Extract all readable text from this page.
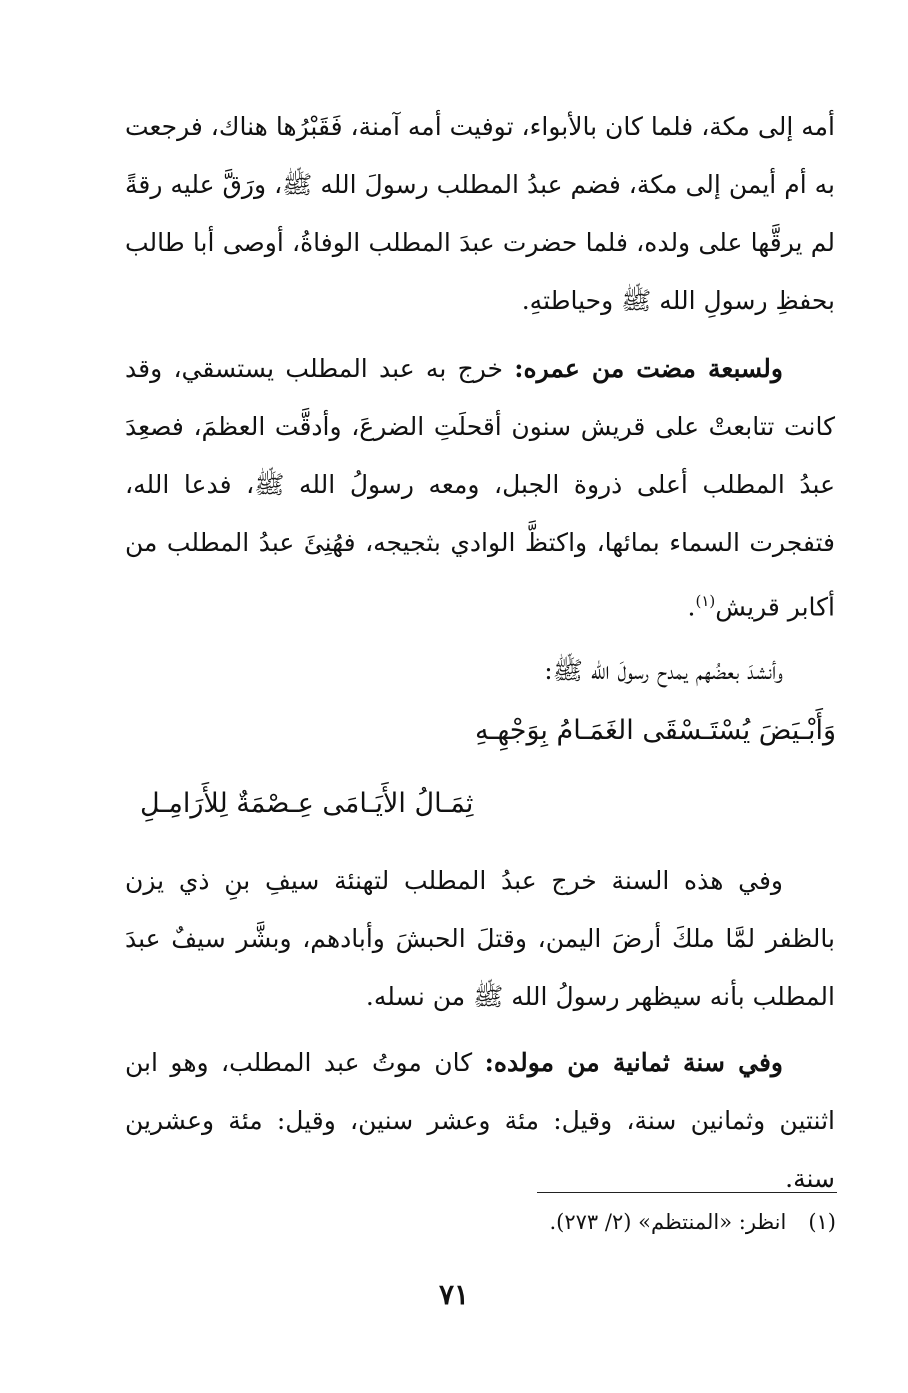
أمه إلى مكة، فلما كان بالأبواء، توفيت أمه آمنة، فَقَبْرُها هناك، فرجعت به أم أيمن إلى مكة، فضم عبدُ المطلب رسولَ الله ﷺ، ورَقَّ عليه رقةً لم يرقَّها على ولده، فلما حضرت عبدَ المطلب الوفاةُ، أوصى أبا طالب بحفظِ رسولِ الله ﷺ وحياطتهِ.

ولسبعة مضت من عمره: خرج به عبد المطلب يستسقي، وقد كانت تتابعتْ على قريش سنون أقحلَتِ الضرعَ، وأدقَّت العظمَ، فصعِدَ عبدُ المطلب أعلى ذروة الجبل، ومعه رسولُ الله ﷺ، فدعا الله، فتفجرت السماء بمائها، واكتظَّ الوادي بثجيجه، فهُنِئَ عبدُ المطلب من أكابر قريش$^{(١)}$.

وأنشدَ بعضُهم يمدح رسولَ الله ﷺ:

وَأَبْـيَضَ يُسْتَـسْقَى الغَمَـامُ بِوَجْهِـهِ
ثِمَـالُ الأَيَـامَى عِـصْمَةٌ لِلأَرَامِـلِ

وفي هذه السنة خرج عبدُ المطلب لتهنئة سيفِ بنِ ذي يزن بالظفر لمَّا ملكَ أرضَ اليمن، وقتلَ الحبشَ وأبادهم، وبشَّر سيفٌ عبدَ المطلب بأنه سيظهر رسولُ الله ﷺ من نسله.

وفي سنة ثمانية من مولده: كان موتُ عبد المطلب، وهو ابن اثنتين وثمانين سنة، وقيل: مئة وعشر سنين، وقيل: مئة وعشرين سنة.

(١)انظر: «المنتظم» (٢/ ٢٧٣).
٧١
